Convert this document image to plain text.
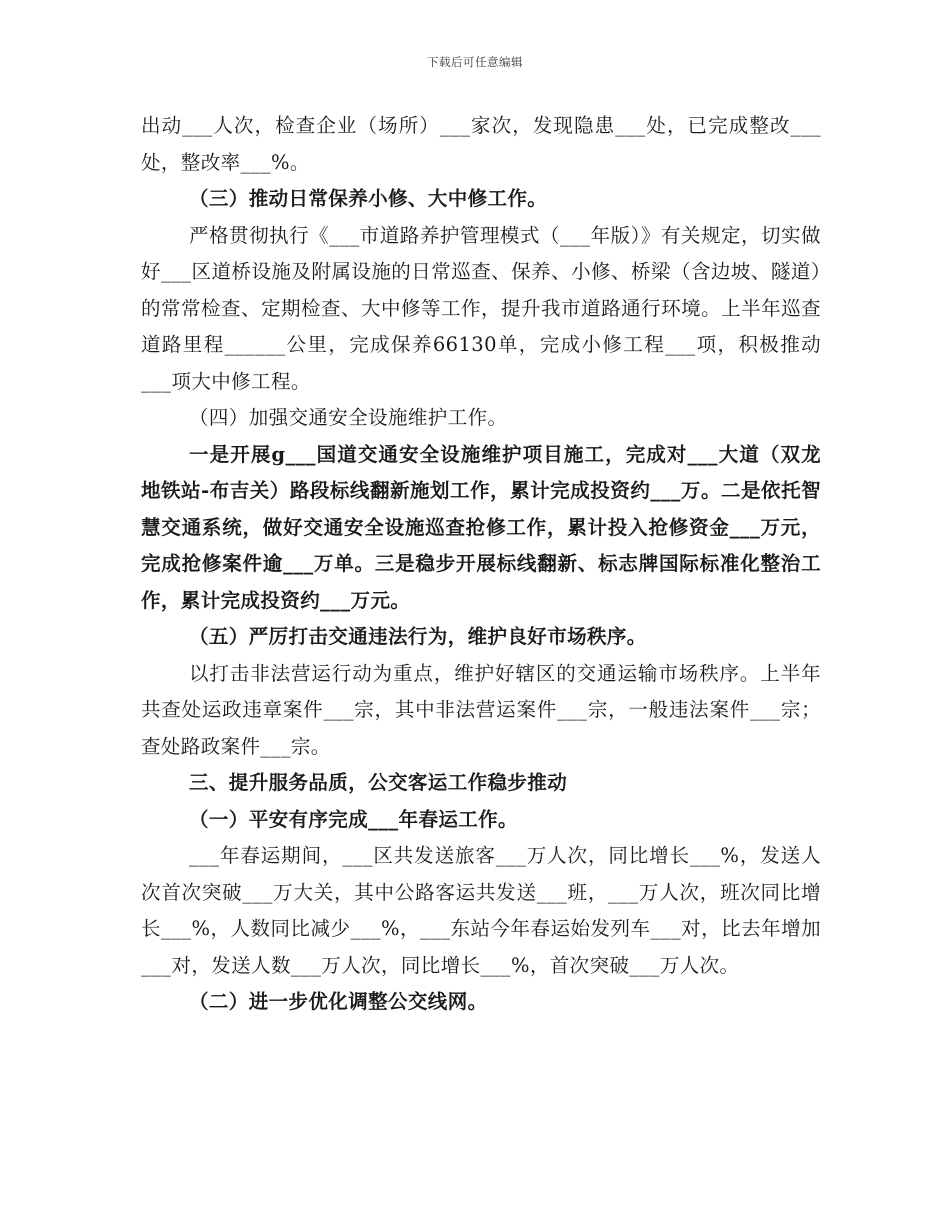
下载后可任意编辑

出动___人次，检查企业（场所）___家次，发现隐患___处，已完成整改___处，整改率___%。

（三）推动日常保养小修、大中修工作。

严格贯彻执行《___市道路养护管理模式（___年版）》有关规定，切实做好___区道桥设施及附属设施的日常巡查、保养、小修、桥梁（含边坡、隧道）的常常检查、定期检查、大中修等工作，提升我市道路通行环境。上半年巡查道路里程______公里，完成保养66130单，完成小修工程___项，积极推动___项大中修工程。

（四）加强交通安全设施维护工作。

一是开展g___国道交通安全设施维护项目施工，完成对___大道（双龙地铁站-布吉关）路段标线翻新施划工作，累计完成投资约___万。二是依托智慧交通系统，做好交通安全设施巡查抢修工作，累计投入抢修资金___万元，完成抢修案件逾___万单。三是稳步开展标线翻新、标志牌国际标准化整治工作，累计完成投资约___万元。

（五）严厉打击交通违法行为，维护良好市场秩序。

以打击非法营运行动为重点，维护好辖区的交通运输市场秩序。上半年共查处运政违章案件___宗，其中非法营运案件___宗，一般违法案件___宗；查处路政案件___宗。

三、提升服务品质，公交客运工作稳步推动

（一）平安有序完成___年春运工作。

___年春运期间，___区共发送旅客___万人次，同比增长___%，发送人次首次突破___万大关，其中公路客运共发送___班，___万人次，班次同比增长___%，人数同比减少___%，___东站今年春运始发列车___对，比去年增加___对，发送人数___万人次，同比增长___%，首次突破___万人次。

（二）进一步优化调整公交线网。
